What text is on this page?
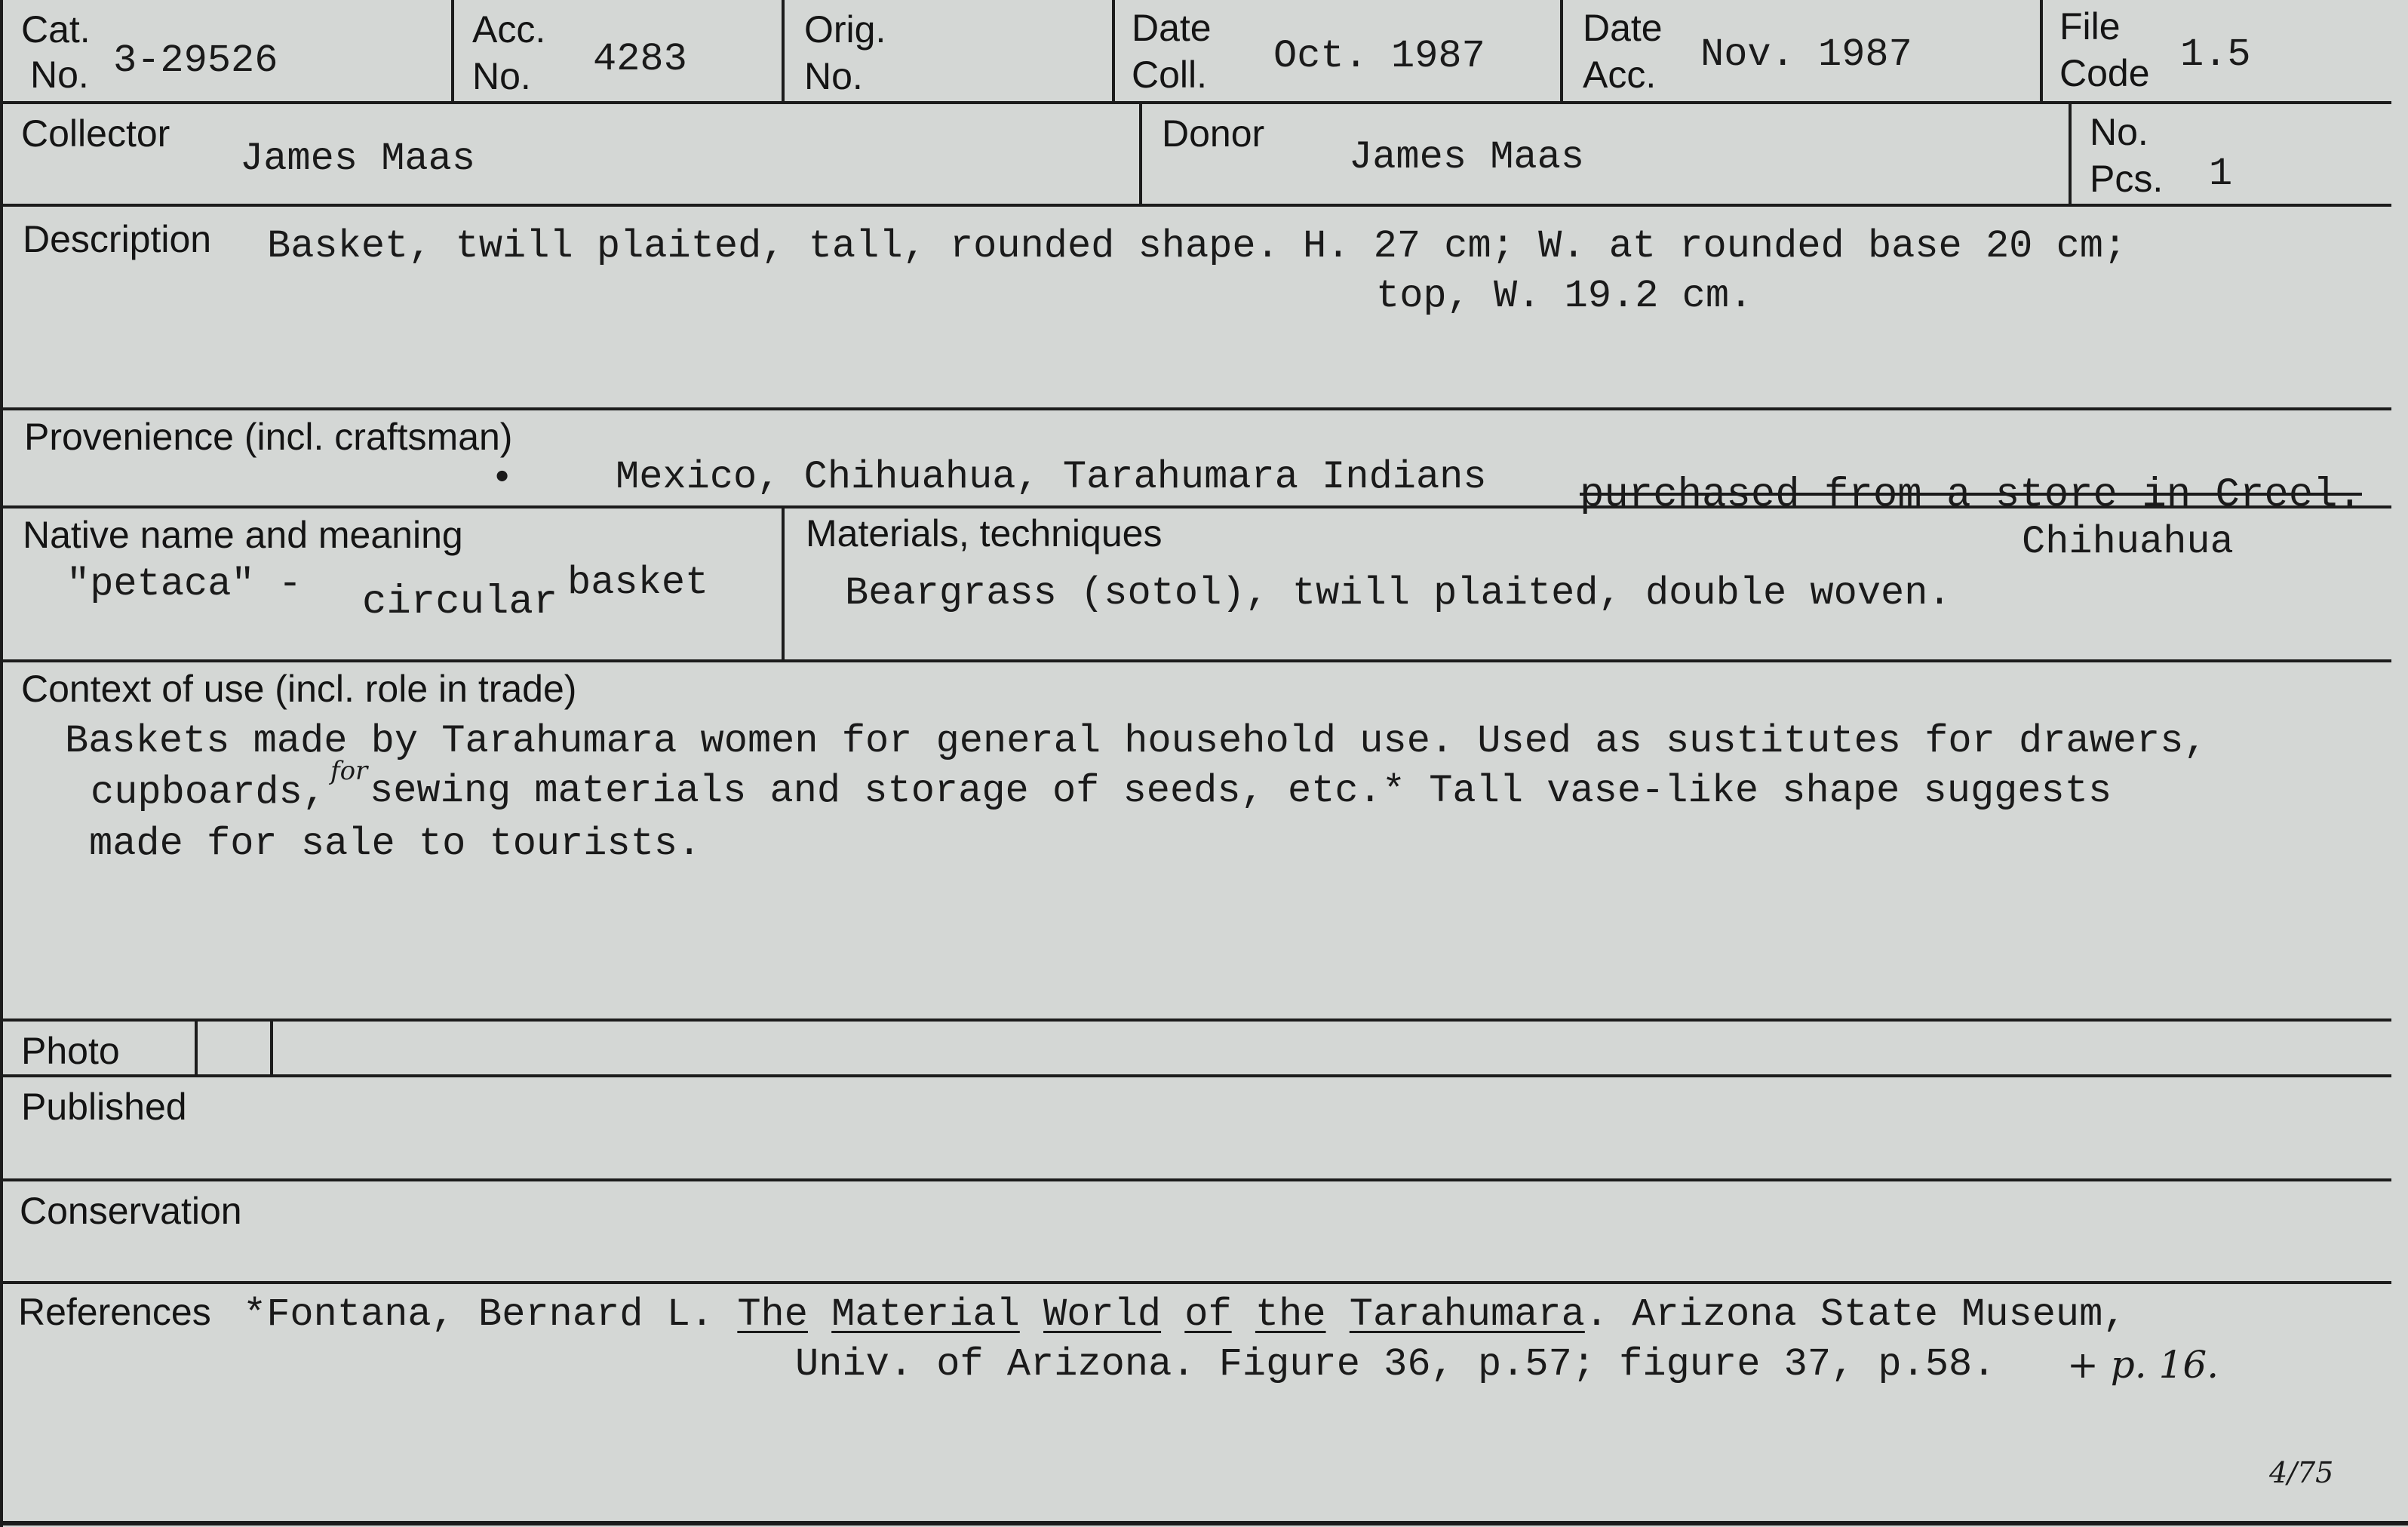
Cat.
No. 3-29526
Acc.
No. 4283
Orig.
No.
Date
Coll. Oct. 1987
Date
Acc. Nov. 1987
File
Code 1.5
Collector
James Maas
Donor
James Maas
No.
Pcs. 1
Description Basket, twill plaited, tall, rounded shape. H. 27 cm; W. at rounded base 20 cm;
top, W. 19.2 cm.
Provenience (incl. craftsman)
•	Mexico, Chihuahua, Tarahumara Indians purchased from a store in Creel.
Chihuahua
Native name and meaning
"petaca" - circular basket
Materials, techniques
Beargrass (sotol), twill plaited, double woven.
Context of use (incl. role in trade)
Baskets made by Tarahumara women for general household use. Used as sustitutes for drawers,
cupboards, for sewing materials and storage of seeds, etc.* Tall vase-like shape suggests
made for sale to tourists.
Photo
Published
Conservation
References *Fontana, Bernard L. The Material World of the Tarahumara. Arizona State Museum,
Univ. of Arizona. Figure 36, p.57; figure 37, p.58. + p. 16.
4/75
